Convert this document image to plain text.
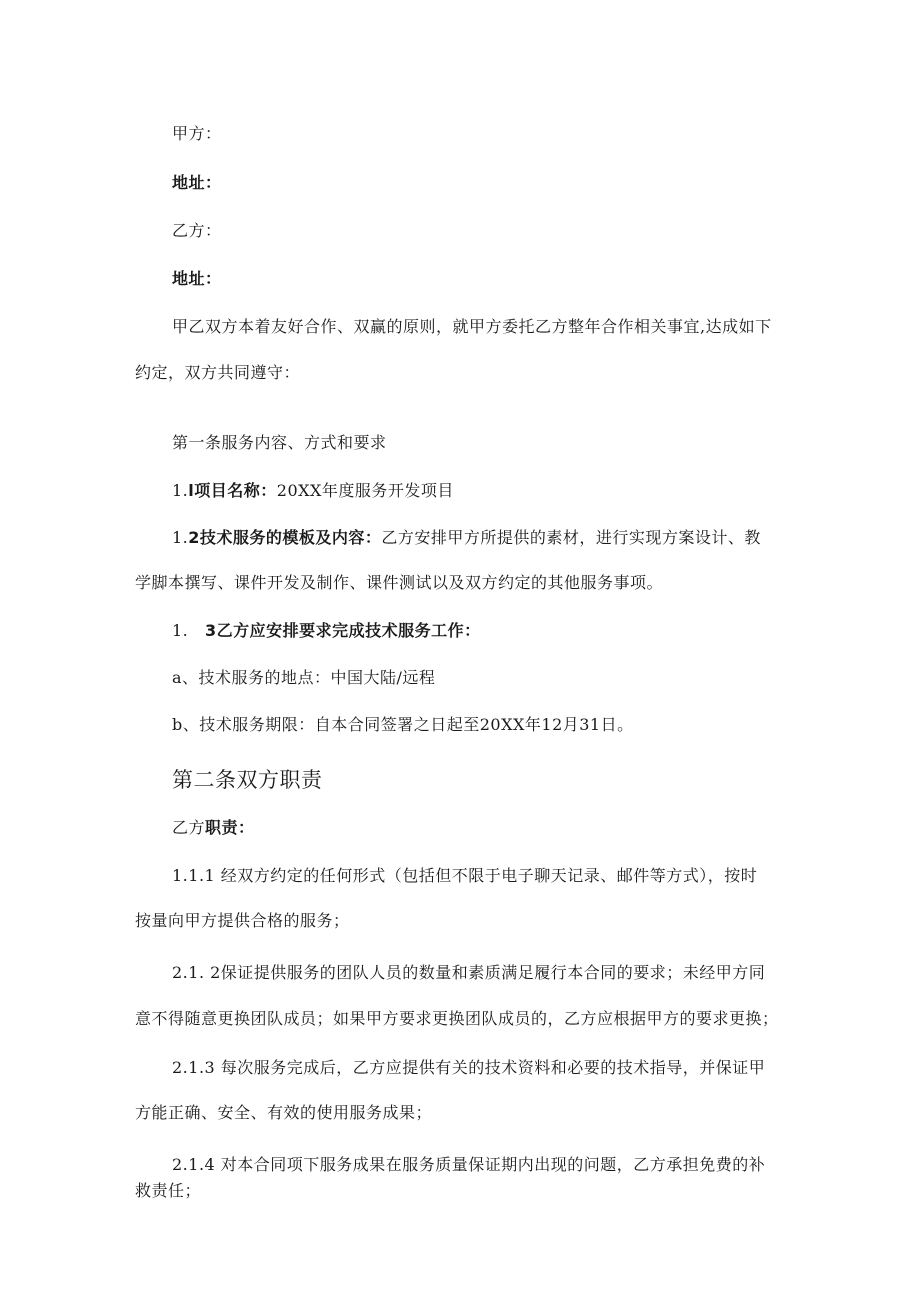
甲方：
地址：
乙方：
地址：
甲乙双方本着友好合作、双赢的原则，就甲方委托乙方整年合作相关事宜,达成如下
约定，双方共同遵守：
第一条服务内容、方式和要求
1.l项目名称：20XX年度服务开发项目
1.2技术服务的模板及内容：乙方安排甲方所提供的素材，进行实现方案设计、教
学脚本撰写、课件开发及制作、课件测试以及双方约定的其他服务事项。
1. 3乙方应安排要求完成技术服务工作：
a、技术服务的地点：中国大陆/远程
b、技术服务期限：自本合同签署之日起至20XX年12月31日。
第二条双方职责
乙方职责：
1.1.1 经双方约定的任何形式（包括但不限于电子聊天记录、邮件等方式），按时
按量向甲方提供合格的服务；
2.1. 2保证提供服务的团队人员的数量和素质满足履行本合同的要求；未经甲方同
意不得随意更换团队成员；如果甲方要求更换团队成员的，乙方应根据甲方的要求更换；
2.1.3 每次服务完成后，乙方应提供有关的技术资料和必要的技术指导，并保证甲
方能正确、安全、有效的使用服务成果；
2.1.4 对本合同项下服务成果在服务质量保证期内出现的问题，乙方承担免费的补
救责任；
